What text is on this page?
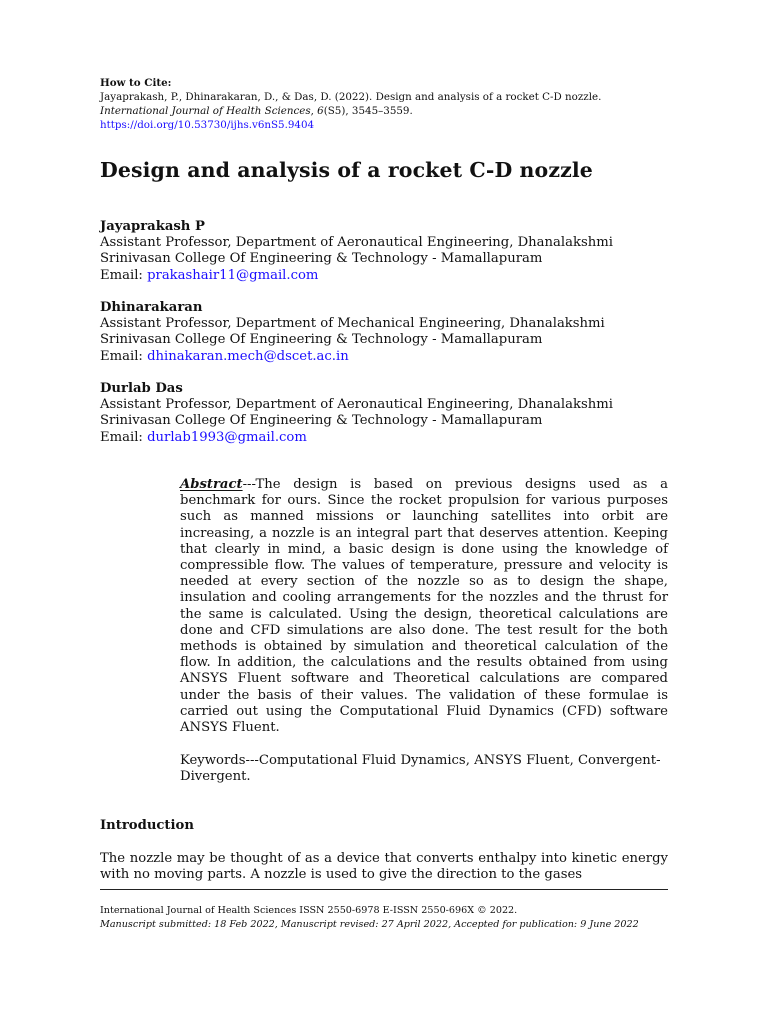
How to Cite:
Jayaprakash, P., Dhinarakaran, D., & Das, D. (2022). Design and analysis of a rocket C-D nozzle. International Journal of Health Sciences, 6(S5), 3545–3559.
https://doi.org/10.53730/ijhs.v6nS5.9404
Design and analysis of a rocket C-D nozzle
Jayaprakash P
Assistant Professor, Department of Aeronautical Engineering, Dhanalakshmi Srinivasan College Of Engineering & Technology - Mamallapuram
Email: prakashair11@gmail.com
Dhinarakaran
Assistant Professor, Department of Mechanical Engineering, Dhanalakshmi Srinivasan College Of Engineering & Technology - Mamallapuram
Email: dhinakaran.mech@dscet.ac.in
Durlab Das
Assistant Professor, Department of Aeronautical Engineering, Dhanalakshmi Srinivasan College Of Engineering & Technology - Mamallapuram
Email: durlab1993@gmail.com
Abstract---The design is based on previous designs used as a benchmark for ours. Since the rocket propulsion for various purposes such as manned missions or launching satellites into orbit are increasing, a nozzle is an integral part that deserves attention. Keeping that clearly in mind, a basic design is done using the knowledge of compressible flow. The values of temperature, pressure and velocity is needed at every section of the nozzle so as to design the shape, insulation and cooling arrangements for the nozzles and the thrust for the same is calculated. Using the design, theoretical calculations are done and CFD simulations are also done. The test result for the both methods is obtained by simulation and theoretical calculation of the flow. In addition, the calculations and the results obtained from using ANSYS Fluent software and Theoretical calculations are compared under the basis of their values. The validation of these formulae is carried out using the Computational Fluid Dynamics (CFD) software ANSYS Fluent.
Keywords---Computational Fluid Dynamics, ANSYS Fluent, Convergent-Divergent.
Introduction
The nozzle may be thought of as a device that converts enthalpy into kinetic energy with no moving parts. A nozzle is used to give the direction to the gases
International Journal of Health Sciences ISSN 2550-6978 E-ISSN 2550-696X © 2022.
Manuscript submitted: 18 Feb 2022, Manuscript revised: 27 April 2022, Accepted for publication: 9 June 2022
